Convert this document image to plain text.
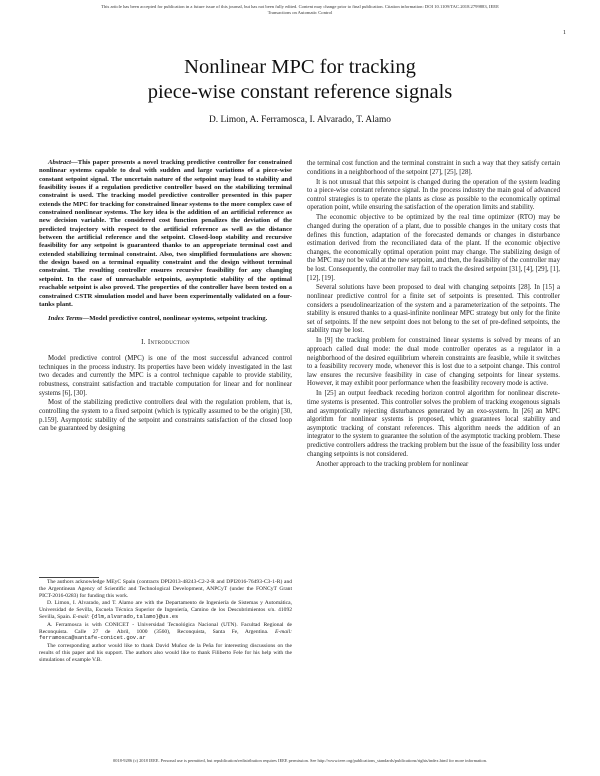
This article has been accepted for publication in a future issue of this journal, but has not been fully edited. Content may change prior to final publication. Citation information: DOI 10.1109/TAC.2018.2799883, IEEE
Transactions on Automatic Control
1
Nonlinear MPC for tracking
piece-wise constant reference signals
D. Limon, A. Ferramosca, I. Alvarado, T. Alamo

Abstract—This paper presents a novel tracking predictive controller for constrained nonlinear systems capable to deal with sudden and large variations of a piece-wise constant setpoint signal. The uncertain nature of the setpoint may lead to stability and feasibility issues if a regulation predictive controller based on the stabilizing terminal constraint is used. The tracking model predictive controller presented in this paper extends the MPC for tracking for constrained linear systems to the more complex case of constrained nonlinear systems. The key idea is the addition of an artificial reference as new decision variable. The considered cost function penalizes the deviation of the predicted trajectory with respect to the artificial reference as well as the distance between the artificial reference and the setpoint. Closed-loop stability and recursive feasibility for any setpoint is guaranteed thanks to an appropriate terminal cost and extended stabilizing terminal constraint. Also, two simplified formulations are shown: the design based on a terminal equality constraint and the design without terminal constraint. The resulting controller ensures recursive feasibility for any changing setpoint. In the case of unreachable setpoints, asymptotic stability of the optimal reachable setpoint is also proved. The properties of the controller have been tested on a constrained CSTR simulation model and have been experimentally validated on a four-tanks plant.

Index Terms—Model predictive control, nonlinear systems, setpoint tracking.

I. Introduction

Model predictive control (MPC) is one of the most successful advanced control techniques in the process industry. Its properties have been widely investigated in the last two decades and currently the MPC is a control technique capable to provide stability, robustness, constraint satisfaction and tractable computation for linear and for nonlinear systems [6], [30].

Most of the stabilizing predictive controllers deal with the regulation problem, that is, controlling the system to a fixed setpoint (which is typically assumed to be the origin) [30, p.159]. Asymptotic stability of the setpoint and constraints satisfaction of the closed loop can be guaranteed by designing

The authors acknowledge MEyC Spain (contracts DPI2013-48243-C2-2-R and DPI2016-76493-C3-1-R) and the Argentinean Agency of Scientific and Technological Development, ANPCyT (under the FONCyT Grant PICT-2016-0283) for funding this work.

D. Limon, I. Alvarado, and T. Alamo are with the Departamento de Ingeniería de Sistemas y Automática, Universidad de Sevilla, Escuela Técnica Superior de Ingeniería, Camino de los Descubrimientos s/n. 41092 Sevilla, Spain. E-mail: {dlm,alvarado,talamo}@us.es

A. Ferramosca is with CONICET - Universidad Tecnológica Nacional (UTN). Facultad Regional de Reconquista. Calle 27 de Abril, 1000 (3560), Reconquista, Santa Fe, Argentina. E-mail: ferramosca@santafe-conicet.gov.ar

The corresponding author would like to thank David Muñoz de la Peña for interesting discussions on the results of this paper and his support. The authors also would like to thank Filiberto Fele for his help with the simulations of example V.B.

the terminal cost function and the terminal constraint in such a way that they satisfy certain conditions in a neighborhood of the setpoint [27], [25], [28].

It is not unusual that this setpoint is changed during the operation of the system leading to a piece-wise constant reference signal. In the process industry the main goal of advanced control strategies is to operate the plants as close as possible to the economically optimal operation point, while ensuring the satisfaction of the operation limits and stability.

The economic objective to be optimized by the real time optimizer (RTO) may be changed during the operation of a plant, due to possible changes in the unitary costs that defines this function, adaptation of the forecasted demands or changes in disturbance estimation derived from the reconciliated data of the plant. If the economic objective changes, the economically optimal operation point may change. The stabilizing design of the MPC may not be valid at the new setpoint, and then, the feasibility of the controller may be lost. Consequently, the controller may fail to track the desired setpoint [31], [4], [29], [1], [12], [19].

Several solutions have been proposed to deal with changing setpoints [28]. In [15] a nonlinear predictive control for a finite set of setpoints is presented. This controller considers a pseudolinearization of the system and a parameterization of the setpoints. The stability is ensured thanks to a quasi-infinite nonlinear MPC strategy but only for the finite set of setpoints. If the new setpoint does not belong to the set of pre-defined setpoints, the stability may be lost.

In [9] the tracking problem for constrained linear systems is solved by means of an approach called dual mode: the dual mode controller operates as a regulator in a neighborhood of the desired equilibrium wherein constraints are feasible, while it switches to a feasibility recovery mode, whenever this is lost due to a setpoint change. This control law ensures the recursive feasibility in case of changing setpoints for linear systems. However, it may exhibit poor performance when the feasibility recovery mode is active.

In [25] an output feedback receding horizon control algorithm for nonlinear discrete-time systems is presented. This controller solves the problem of tracking exogenous signals and asymptotically rejecting disturbances generated by an exo-system. In [26] an MPC algorithm for nonlinear systems is proposed, which guarantees local stability and asymptotic tracking of constant references. This algorithm needs the addition of an integrator to the system to guarantee the solution of the asymptotic tracking problem. These predictive controllers address the tracking problem but the issue of the feasibility loss under changing setpoints is not considered.

Another approach to the tracking problem for nonlinear

0018-9286 (c) 2018 IEEE. Personal use is permitted, but republication/redistribution requires IEEE permission. See http://www.ieee.org/publications_standards/publications/rights/index.html for more information.
